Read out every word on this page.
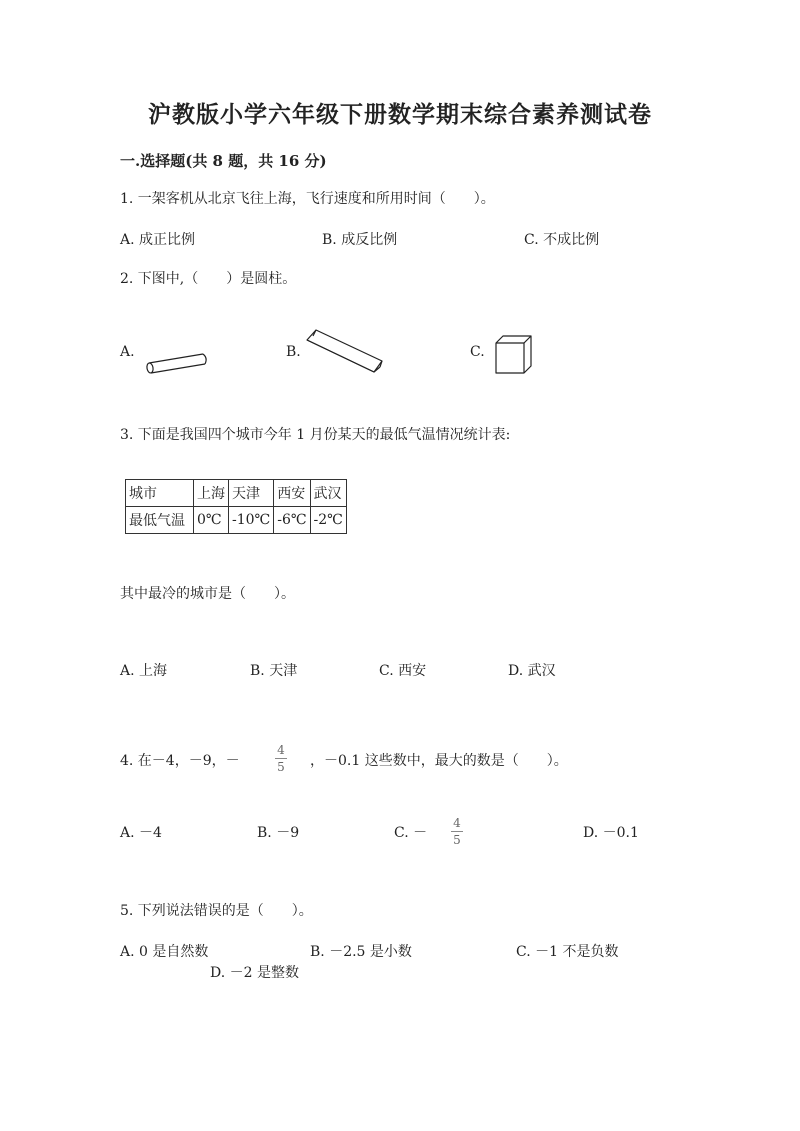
沪教版小学六年级下册数学期末综合素养测试卷
一.选择题(共 8 题，共 16 分)
1. 一架客机从北京飞往上海，飞行速度和所用时间（　　）。
A. 成正比例	B. 成反比例	C. 不成比例
2. 下图中,（　　）是圆柱。
A.	B.	C.
3. 下面是我国四个城市今年 1 月份某天的最低气温情况统计表:
城市	上海	天津	西安	武汉
最低气温	0℃	-10℃	-6℃	-2℃
其中最冷的城市是（　　）。
A. 上海	B. 天津	C. 西安	D. 武汉
4. 在－4，－9，－
4
5 ，－0.1 这些数中，最大的数是（　　）。
A. －4	B. －9	C. －
4
5	D. －0.1
5. 下列说法错误的是（　　）。
A. 0 是自然数	B. －2.5 是小数	C. －1 不是负数
D. －2 是整数
